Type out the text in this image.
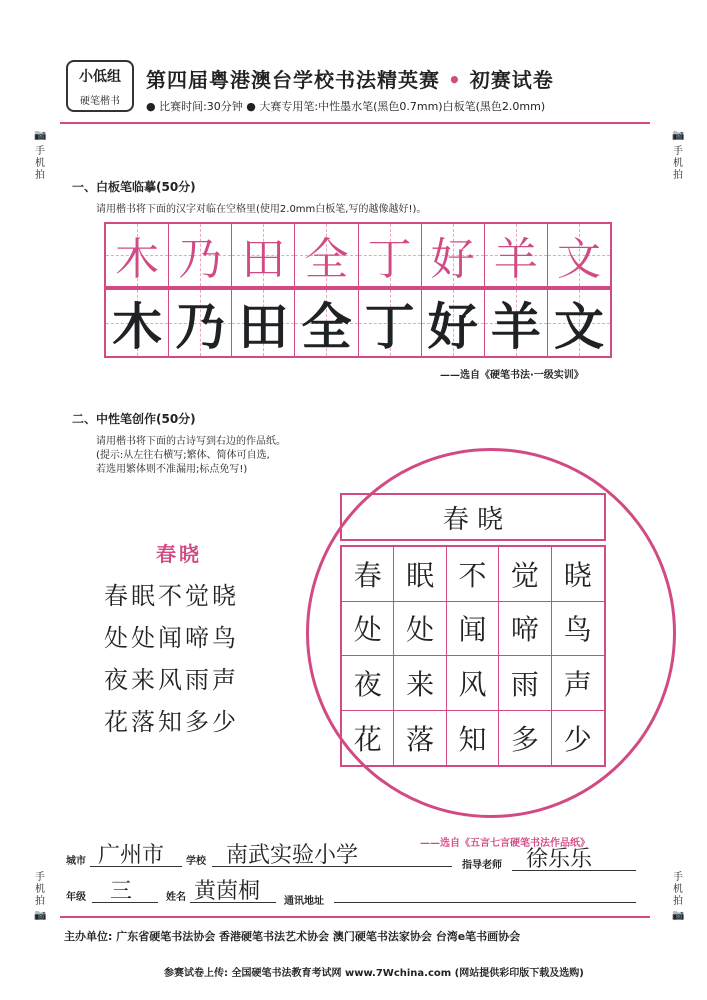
小低组
硬笔楷书
第四届粤港澳台学校书法精英赛 • 初赛试卷
● 比赛时间:30分钟 ● 大赛专用笔:中性墨水笔(黑色0.7mm)白板笔(黑色2.0mm)
📷
手机拍
📷
手机拍
手机拍
📷
手机拍
📷
一、白板笔临摹(50分)
请用楷书将下面的汉字对临在空格里(使用2.0mm白板笔,写的越像越好!)。
木 乃 田 全 丁 好 羊 文
木 乃 田 全 丁 好 羊 文
——选自《硬笔书法·一级实训》
二、中性笔创作(50分)
请用楷书将下面的古诗写到右边的作品纸。
(提示:从左往右横写;繁体、简体可自选,
若选用繁体则不准漏用;标点免写!)
春晓
春眠不觉晓
处处闻啼鸟
夜来风雨声
花落知多少
春 晓
春 眠 不 觉 晓
处 处 闻 啼 鸟
夜 来 风 雨 声
花 落 知 多 少
——选自《五言七言硬笔书法作品纸》
城市 广州市 学校 南武实验小学	指导老师 徐乐乐
年级 三	姓名 黄茵桐 通讯地址
主办单位: 广东省硬笔书法协会 香港硬笔书法艺术协会 澳门硬笔书法家协会 台湾e笔书画协会
参赛试卷上传: 全国硬笔书法教育考试网 www.7Wchina.com (网站提供彩印版下载及选购)
